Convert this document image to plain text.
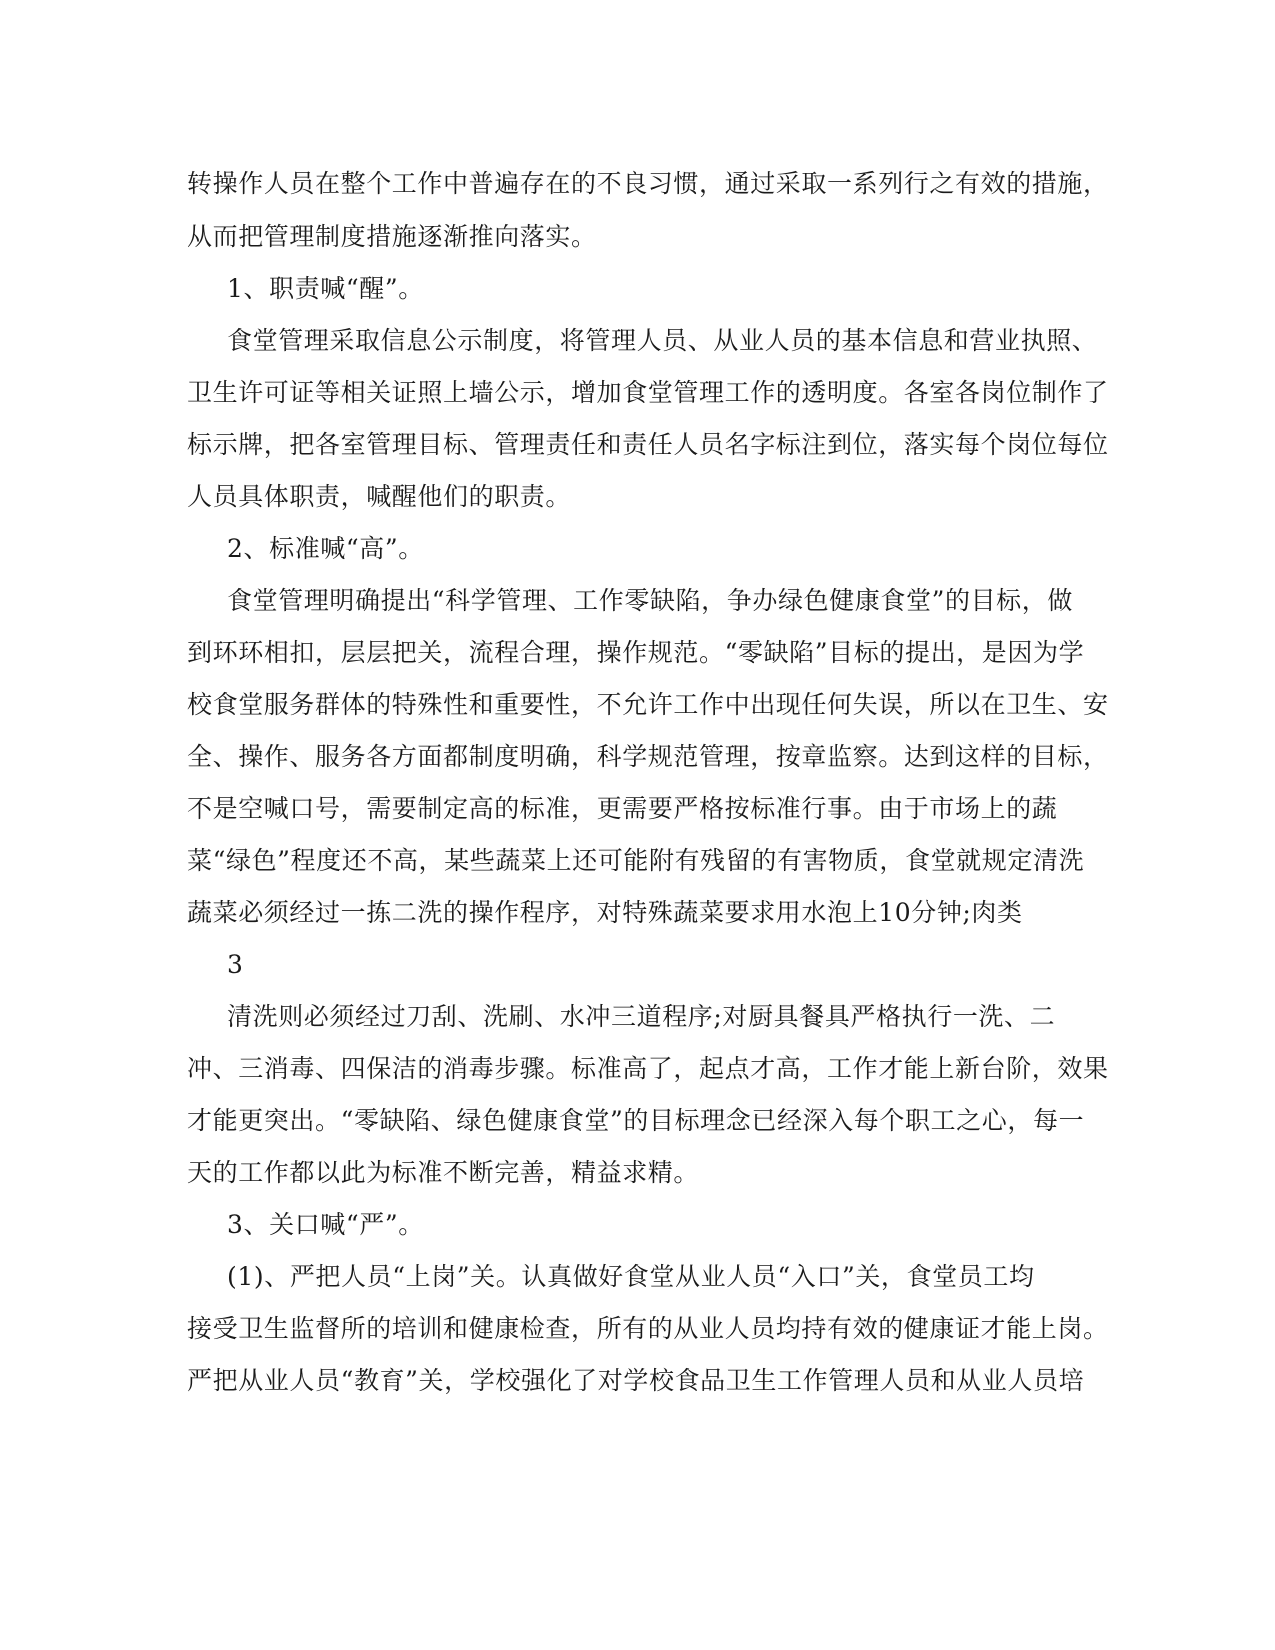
转操作人员在整个工作中普遍存在的不良习惯，通过采取一系列行之有效的措施，
从而把管理制度措施逐渐推向落实。
1、职责喊“醒”。
食堂管理采取信息公示制度，将管理人员、从业人员的基本信息和营业执照、
卫生许可证等相关证照上墙公示，增加食堂管理工作的透明度。各室各岗位制作了
标示牌，把各室管理目标、管理责任和责任人员名字标注到位，落实每个岗位每位
人员具体职责，喊醒他们的职责。
2、标准喊“高”。
食堂管理明确提出“科学管理、工作零缺陷，争办绿色健康食堂”的目标，做
到环环相扣，层层把关，流程合理，操作规范。“零缺陷”目标的提出，是因为学
校食堂服务群体的特殊性和重要性，不允许工作中出现任何失误，所以在卫生、安
全、操作、服务各方面都制度明确，科学规范管理，按章监察。达到这样的目标，
不是空喊口号，需要制定高的标准，更需要严格按标准行事。由于市场上的蔬
菜“绿色”程度还不高，某些蔬菜上还可能附有残留的有害物质，食堂就规定清洗
蔬菜必须经过一拣二洗的操作程序，对特殊蔬菜要求用水泡上10分钟;肉类
3
清洗则必须经过刀刮、洗刷、水冲三道程序;对厨具餐具严格执行一洗、二
冲、三消毒、四保洁的消毒步骤。标准高了，起点才高，工作才能上新台阶，效果
才能更突出。“零缺陷、绿色健康食堂”的目标理念已经深入每个职工之心，每一
天的工作都以此为标准不断完善，精益求精。
3、关口喊“严”。
(1)、严把人员“上岗”关。认真做好食堂从业人员“入口”关，食堂员工均
接受卫生监督所的培训和健康检查，所有的从业人员均持有效的健康证才能上岗。
严把从业人员“教育”关，学校强化了对学校食品卫生工作管理人员和从业人员培
